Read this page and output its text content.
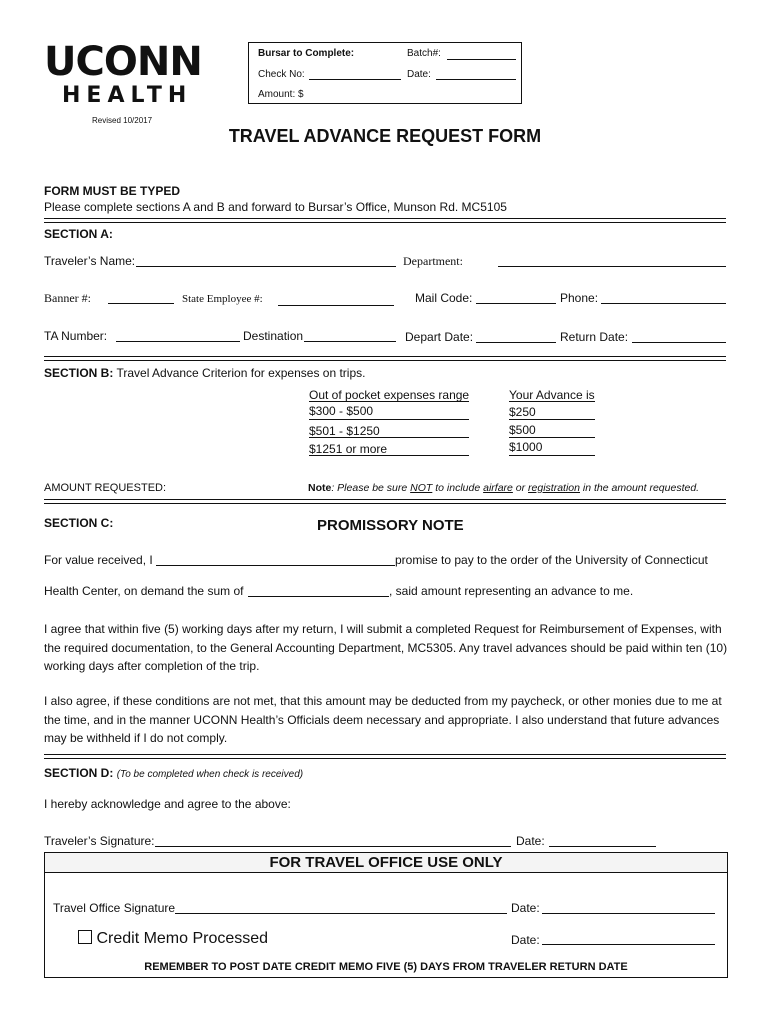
UCONN
HEALTH
Revised 10/2017
Bursar to Complete:	Batch#:
Check No:	Date:
Amount: $
TRAVEL ADVANCE REQUEST FORM
FORM MUST BE TYPED
Please complete sections A and B and forward to Bursar’s Office, Munson Rd. MC5105
SECTION A:
Traveler’s Name:	Department:
Banner #:	State Employee #:	Mail Code:	Phone:
TA Number:	Destination	Depart Date:	Return Date:
SECTION B: Travel Advance Criterion for expenses on trips.
Out of pocket expenses range	Your Advance is
$300 - $500	$250
$501 - $1250	$500
$1251 or more	$1000
AMOUNT REQUESTED:	Note: Please be sure NOT to include airfare or registration in the amount requested.
SECTION C:	PROMISSORY NOTE
For value received, I	promise to pay to the order of the University of Connecticut
Health Center, on demand the sum of	, said amount representing an advance to me.
I agree that within five (5) working days after my return, I will submit a completed Request for Reimbursement of Expenses, with the required documentation, to the General Accounting Department, MC5305. Any travel advances should be paid within ten (10) working days after completion of the trip.
I also agree, if these conditions are not met, that this amount may be deducted from my paycheck, or other monies due to me at the time, and in the manner UCONN Health’s Officials deem necessary and appropriate. I also understand that future advances may be withheld if I do not comply.
SECTION D: (To be completed when check is received)
I hereby acknowledge and agree to the above:
Traveler’s Signature:	Date:
FOR TRAVEL OFFICE USE ONLY
Travel Office Signature	Date:
Credit Memo Processed	Date:
REMEMBER TO POST DATE CREDIT MEMO FIVE (5) DAYS FROM TRAVELER RETURN DATE
